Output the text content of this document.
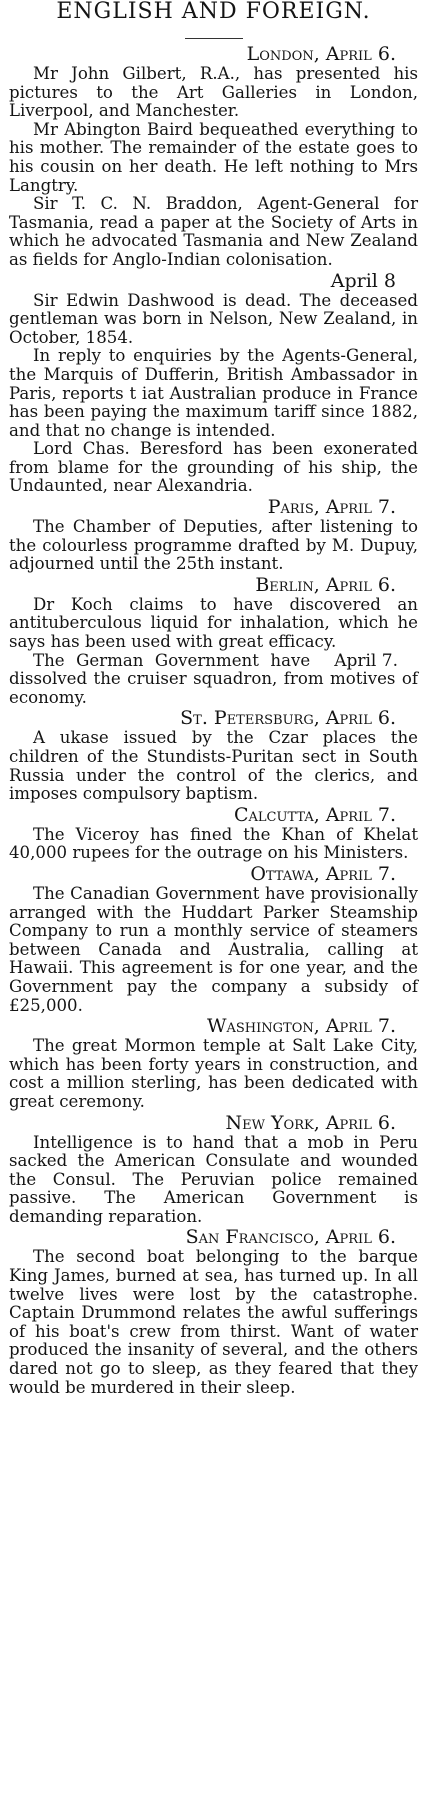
ENGLISH AND FOREIGN.

London, April 6.

Mr John Gilbert, R.A., has presented his pictures to the Art Galleries in London, Liverpool, and Manchester.

Mr Abington Baird bequeathed everything to his mother. The remainder of the estate goes to his cousin on her death. He left nothing to Mrs Langtry.

Sir T. C. N. Braddon, Agent-General for Tasmania, read a paper at the Society of Arts in which he advocated Tasmania and New Zealand as fields for Anglo-Indian colonisation.

April 8

Sir Edwin Dashwood is dead. The deceased gentleman was born in Nelson, New Zealand, in October, 1854.

In reply to enquiries by the Agents-General, the Marquis of Dufferin, British Ambassador in Paris, reports t iat Australian produce in France has been paying the maximum tariff since 1882, and that no change is intended.

Lord Chas. Beresford has been exonerated from blame for the grounding of his ship, the Undaunted, near Alexandria.

Paris, April 7.

The Chamber of Deputies, after listening to the colourless programme drafted by M. Dupuy, adjourned until the 25th instant.

Berlin, April 6.

Dr Koch claims to have discovered an antituberculous liquid for inhalation, which he says has been used with great efficacy.
April 7.

The German Government have dissolved the cruiser squadron, from motives of economy.

St. Petersburg, April 6.

A ukase issued by the Czar places the children of the Stundists-Puritan sect in South Russia under the control of the clerics, and imposes compulsory baptism.

Calcutta, April 7.

The Viceroy has fined the Khan of Khelat 40,000 rupees for the outrage on his Ministers.

Ottawa, April 7.

The Canadian Government have provisionally arranged with the Huddart Parker Steamship Company to run a monthly service of steamers between Canada and Australia, calling at Hawaii. This agreement is for one year, and the Government pay the company a subsidy of £25,000.

Washington, April 7.

The great Mormon temple at Salt Lake City, which has been forty years in construction, and cost a million sterling, has been dedicated with great ceremony.

New York, April 6.

Intelligence is to hand that a mob in Peru sacked the American Consulate and wounded the Consul. The Peruvian police remained passive. The American Government is demanding reparation.

San Francisco, April 6.

The second boat belonging to the barque King James, burned at sea, has turned up. In all twelve lives were lost by the catastrophe. Captain Drummond relates the awful sufferings of his boat's crew from thirst. Want of water produced the insanity of several, and the others dared not go to sleep, as they feared that they would be murdered in their sleep.
